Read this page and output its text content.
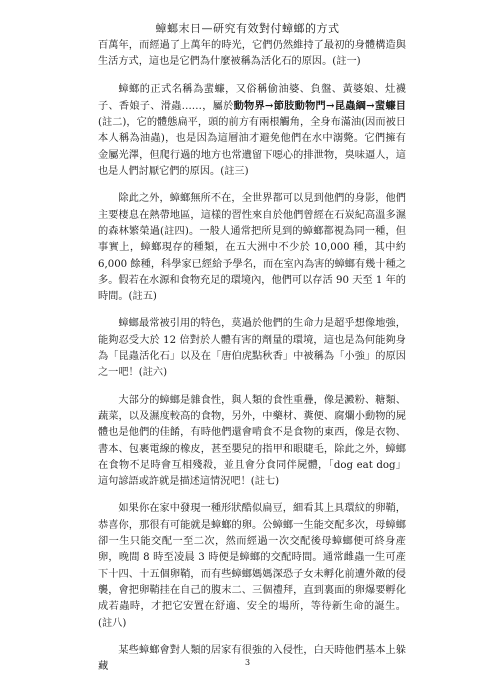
蟑螂末日—研究有效對付蟑螂的方式

百萬年，而經過了上萬年的時光，它們仍然維持了最初的身體構造與生活方式，這也是它們為什麼被稱為活化石的原因。(註一)

蟑螂的正式名稱為蜚蠊，又俗稱偷油婆、負盤、黃婆娘、灶襪子、香娘子、滑蟲……，屬於動物界→節肢動物門→昆蟲綱→蜚蠊目(註二)，它的體態扁平，頭的前方有兩根觸角，全身布滿油(因而被日本人稱為油蟲)，也是因為這層油才避免他們在水中溺斃。它們擁有金屬光澤，但爬行過的地方也常遺留下噁心的排泄物，臭味逼人，這也是人們討厭它們的原因。(註三)

除此之外，蟑螂無所不在，全世界都可以見到他們的身影，他們主要棲息在熱帶地區，這樣的習性來自於他們曾經在石炭紀高溫多濕的森林繁榮過(註四)。一般人通常把所見到的蟑螂都視為同一種，但事實上，蟑螂現存的種類，在五大洲中不少於 10,000 種，其中約 6,000 餘種，科學家已經給予學名，而在室內為害的蟑螂有幾十種之多。假若在水源和食物充足的環境內，他們可以存活 90 天至 1 年的時間。(註五)

蟑螂最常被引用的特色，莫過於他們的生命力是超乎想像地強，能夠忍受大於 12 倍對於人體有害的劑量的環境，這也是為何能夠身為「昆蟲活化石」以及在「唐伯虎點秋香」中被稱為「小強」的原因之一吧！(註六)

大部分的蟑螂是雜食性，與人類的食性重疊，像是澱粉、糖類、蔬菜，以及濕度較高的食物，另外，中藥材、糞便、腐爛小動物的屍體也是他們的佳餚，有時他們還會啃食不是食物的東西，像是衣物、書本、包裹電線的橡皮，甚至嬰兒的指甲和眼睫毛，除此之外，蟑螂在食物不足時會互相殘殺，並且會分食同伴屍體，「dog eat dog」這句諺語或許就是描述這情況吧！(註七)

如果你在家中發現一種形狀酷似扁豆，細看其上具環紋的卵鞘，恭喜你，那很有可能就是蟑螂的卵。公蟑螂一生能交配多次，母蟑螂卻一生只能交配一至二次，然而經過一次交配後母蟑螂便可終身產卵，晚間 8 時至凌晨 3 時便是蟑螂的交配時間。通常雌蟲一生可產下十四、十五個卵鞘，而有些蟑螂媽媽深恐子女未孵化前遭外敵的侵襲，會把卵鞘挂在自己的腹末二、三個禮拜，直到裏面的卵爆要孵化成若蟲時，才把它安置在舒適、安全的場所，等待新生命的誕生。(註八)

某些蟑螂會對人類的居家有很強的入侵性，白天時他們基本上躲藏	3
